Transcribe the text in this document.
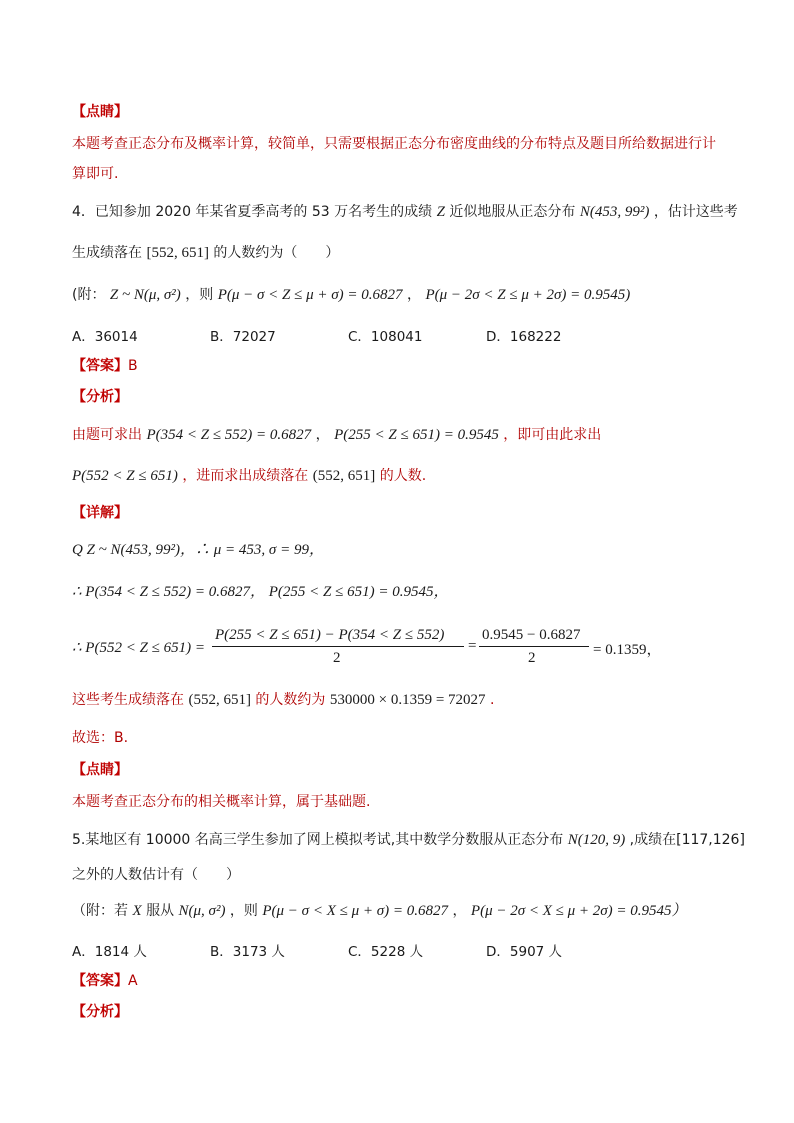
【点睛】
本题考查正态分布及概率计算，较简单，只需要根据正态分布密度曲线的分布特点及题目所给数据进行计
算即可.
4．已知参加 2020 年某省夏季高考的 53 万名考生的成绩 Z 近似地服从正态分布 N(453, 99²) ，估计这些考
生成绩落在 [552, 651] 的人数约为（　　）
(附： Z ~ N(μ, σ²) ，则 P(μ − σ < Z ≤ μ + σ) = 0.6827 ， P(μ − 2σ < Z ≤ μ + 2σ) = 0.9545)
A．36014	B．72027	C．108041	D．168222
【答案】B
【分析】
由题可求出 P(354 < Z ≤ 552) = 0.6827 ， P(255 < Z ≤ 651) = 0.9545 ，即可由此求出
P(552 < Z ≤ 651) ，进而求出成绩落在 (552, 651] 的人数.
【详解】
Q Z ~ N(453, 99²)，∴ μ = 453, σ = 99，
∴ P(354 < Z ≤ 552) = 0.6827， P(255 < Z ≤ 651) = 0.9545，
∴ P(552 < Z ≤ 651) =
P(255 < Z ≤ 651) − P(354 < Z ≤ 552)
2
=
0.9545 − 0.6827
2	= 0.1359，
这些考生成绩落在 (552, 651] 的人数约为 530000 × 0.1359 = 72027 .
故选：B.
【点睛】
本题考查正态分布的相关概率计算，属于基础题.
5.某地区有 10000 名高三学生参加了网上模拟考试,其中数学分数服从正态分布 N(120, 9) ,成绩在[117,126]
之外的人数估计有（　　）
（附：若 X 服从 N(μ, σ²) ，则 P(μ − σ < X ≤ μ + σ) = 0.6827 ， P(μ − 2σ < X ≤ μ + 2σ) = 0.9545）
A．1814 人	B．3173 人	C．5228 人	D．5907 人
【答案】A
【分析】
